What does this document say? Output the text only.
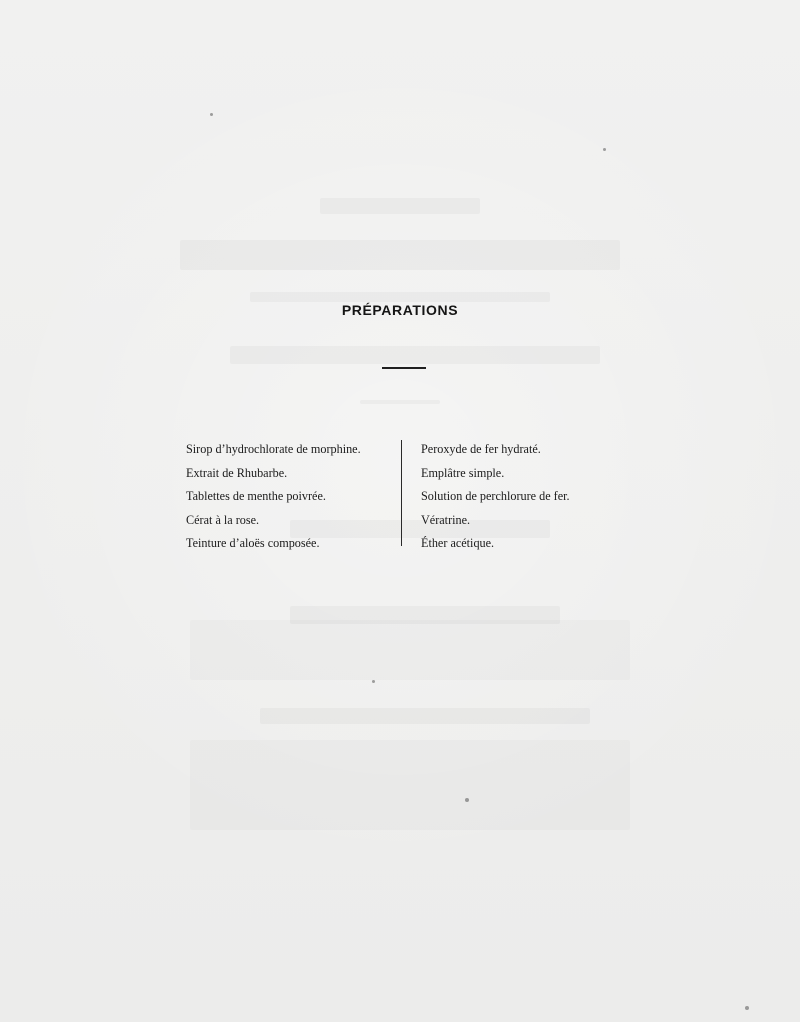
PRÉPARATIONS
Sirop d’hydrochlorate de morphine.
Extrait de Rhubarbe.
Tablettes de menthe poivrée.
Cérat à la rose.
Teinture d’aloës composée.
Peroxyde de fer hydraté.
Emplâtre simple.
Solution de perchlorure de fer.
Vératrine.
Éther acétique.
